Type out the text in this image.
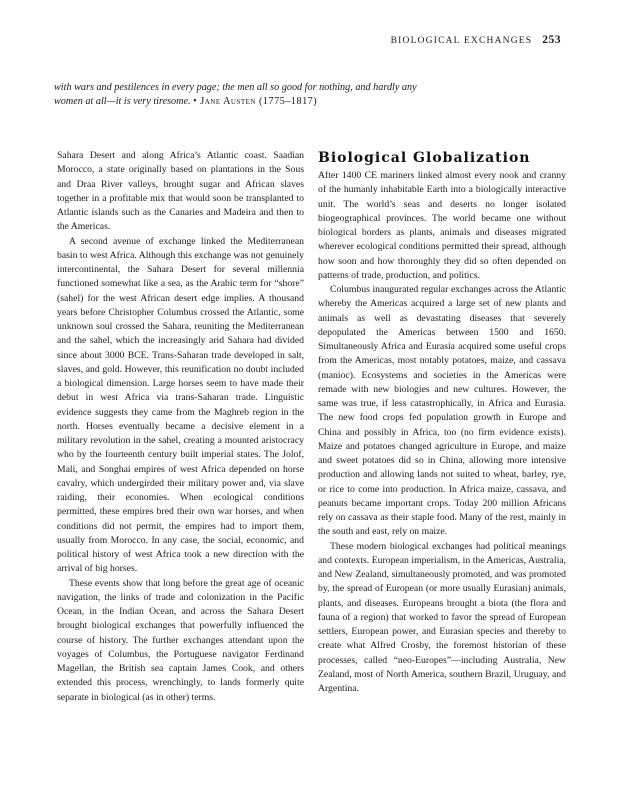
BIOLOGICAL EXCHANGES 253
with wars and pestilences in every page; the men all so good for nothing, and hardly any women at all—it is very tiresome. • Jane Austen (1775–1817)

Sahara Desert and along Africa’s Atlantic coast. Saadian Morocco, a state originally based on plantations in the Sous and Draa River valleys, brought sugar and African slaves together in a profitable mix that would soon be transplanted to Atlantic islands such as the Canaries and Madeira and then to the Americas.

A second avenue of exchange linked the Mediterranean basin to west Africa. Although this exchange was not genuinely intercontinental, the Sahara Desert for several millennia functioned somewhat like a sea, as the Arabic term for “shore” (sahel) for the west African desert edge implies. A thousand years before Christopher Columbus crossed the Atlantic, some unknown soul crossed the Sahara, reuniting the Mediterranean and the sahel, which the increasingly arid Sahara had divided since about 3000 BCE. Trans-Saharan trade developed in salt, slaves, and gold. However, this reunification no doubt included a biological dimension. Large horses seem to have made their debut in west Africa via trans-Saharan trade. Linguistic evidence suggests they came from the Maghreb region in the north. Horses eventually became a decisive element in a military revolution in the sahel, creating a mounted aristocracy who by the fourteenth century built imperial states. The Jolof, Mali, and Songhai empires of west Africa depended on horse cavalry, which undergirded their military power and, via slave raiding, their economies. When ecological conditions permitted, these empires bred their own war horses, and when conditions did not permit, the empires had to import them, usually from Morocco. In any case, the social, economic, and political history of west Africa took a new direction with the arrival of big horses.

These events show that long before the great age of oceanic navigation, the links of trade and colonization in the Pacific Ocean, in the Indian Ocean, and across the Sahara Desert brought biological exchanges that powerfully influenced the course of history. The further exchanges attendant upon the voyages of Columbus, the Portuguese navigator Ferdinand Magellan, the British sea captain James Cook, and others extended this process, wrenchingly, to lands formerly quite separate in biological (as in other) terms.

Biological Globalization

After 1400 CE mariners linked almost every nook and cranny of the humanly inhabitable Earth into a biologically interactive unit. The world’s seas and deserts no longer isolated biogeographical provinces. The world became one without biological borders as plants, animals and diseases migrated wherever ecological conditions permitted their spread, although how soon and how thoroughly they did so often depended on patterns of trade, production, and politics.

Columbus inaugurated regular exchanges across the Atlantic whereby the Americas acquired a large set of new plants and animals as well as devastating diseases that severely depopulated the Americas between 1500 and 1650. Simultaneously Africa and Eurasia acquired some useful crops from the Americas, most notably potatoes, maize, and cassava (manioc). Ecosystems and societies in the Americas were remade with new biologies and new cultures. However, the same was true, if less catastrophically, in Africa and Eurasia. The new food crops fed population growth in Europe and China and possibly in Africa, too (no firm evidence exists). Maize and potatoes changed agriculture in Europe, and maize and sweet potatoes did so in China, allowing more intensive production and allowing lands not suited to wheat, barley, rye, or rice to come into production. In Africa maize, cassava, and peanuts became important crops. Today 200 million Africans rely on cassava as their staple food. Many of the rest, mainly in the south and east, rely on maize.

These modern biological exchanges had political meanings and contexts. European imperialism, in the Americas, Australia, and New Zealand, simultaneously promoted, and was promoted by, the spread of European (or more usually Eurasian) animals, plants, and diseases. Europeans brought a biota (the flora and fauna of a region) that worked to favor the spread of European settlers, European power, and Eurasian species and thereby to create what Alfred Crosby, the foremost historian of these processes, called “neo-Europes”—including Australia, New Zealand, most of North America, southern Brazil, Uruguay, and Argentina.
